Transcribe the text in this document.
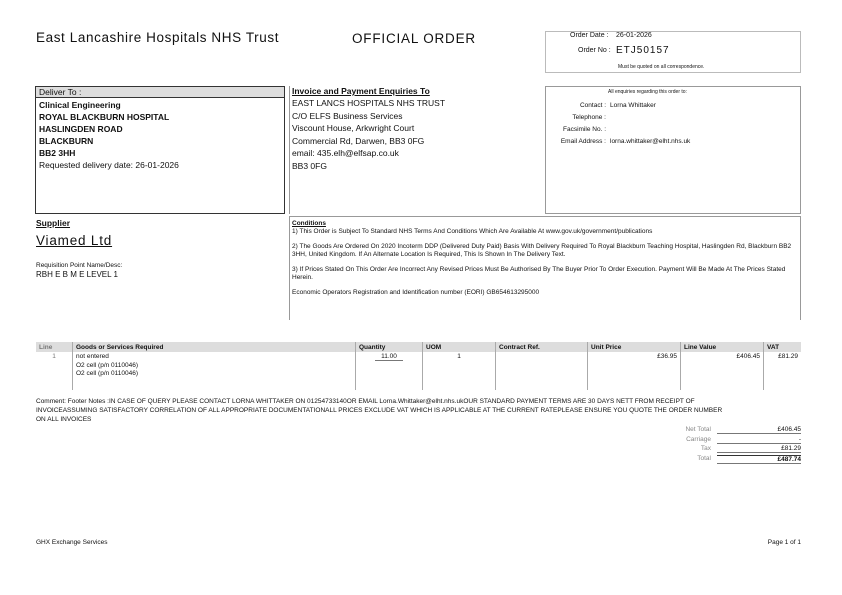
East Lancashire Hospitals NHS Trust	OFFICIAL ORDER	Order Date : 26-01-2026
Order No : ETJ50157
Must be quoted on all correspondence.
Deliver To :
Clinical Engineering
ROYAL BLACKBURN HOSPITAL
HASLINGDEN ROAD
BLACKBURN
BB2 3HH
Requested delivery date: 26-01-2026
Invoice and Payment Enquiries To
EAST LANCS HOSPITALS NHS TRUST
C/O ELFS Business Services
Viscount House, Arkwright Court
Commercial Rd, Darwen, BB3 0FG
email: 435.elh@elfsap.co.uk
BB3 0FG
All enquiries regarding this order to:
Contact : Lorna Whittaker
Telephone :
Facsimile No. :
Email Address : lorna.whittaker@elht.nhs.uk
Supplier
Viamed Ltd
Requisition Point Name/Desc:
RBH E B M E LEVEL 1
Conditions

1) This Order is Subject To Standard NHS Terms And Conditions Which Are Available At www.gov.uk/government/publications

2) The Goods Are Ordered On 2020 Incoterm DDP (Delivered Duty Paid) Basis With Delivery Required To Royal Blackburn Teaching Hospital, Haslingden Rd, Blackburn BB2 3HH, United Kingdom. If An Alternate Location Is Required, This Is Shown In The Delivery Text.

3) If Prices Stated On This Order Are Incorrect Any Revised Prices Must Be Authorised By The Buyer Prior To Order Execution. Payment Will Be Made At The Prices Stated Herein.

Economic Operators Registration and Identification number (EORI) GB654613295000

Line	Goods or Services Required	Quantity	UOM	Contract Ref.	Unit Price	Line Value	VAT
1	not entered
O2 cell (p/n 0110046)
O2 cell (p/n 0110046)	11.00	1		£36.95	£406.45	£81.29
Comment: Footer Notes :IN CASE OF QUERY PLEASE CONTACT LORNA WHITTAKER ON 01254733140OR EMAIL Lorna.Whittaker@elht.nhs.ukOUR STANDARD PAYMENT TERMS ARE 30 DAYS NETT FROM RECEIPT OF INVOICEASSUMING SATISFACTORY CORRELATION OF ALL APPROPRIATE DOCUMENTATIONALL PRICES EXCLUDE VAT WHICH IS APPLICABLE AT THE CURRENT RATEPLEASE ENSURE YOU QUOTE THE ORDER NUMBER ON ALL INVOICES
Net Total	£406.45
Carriage	-
Tax	£81.29
Total	£487.74
GHX Exchange Services	Page 1 of 1
